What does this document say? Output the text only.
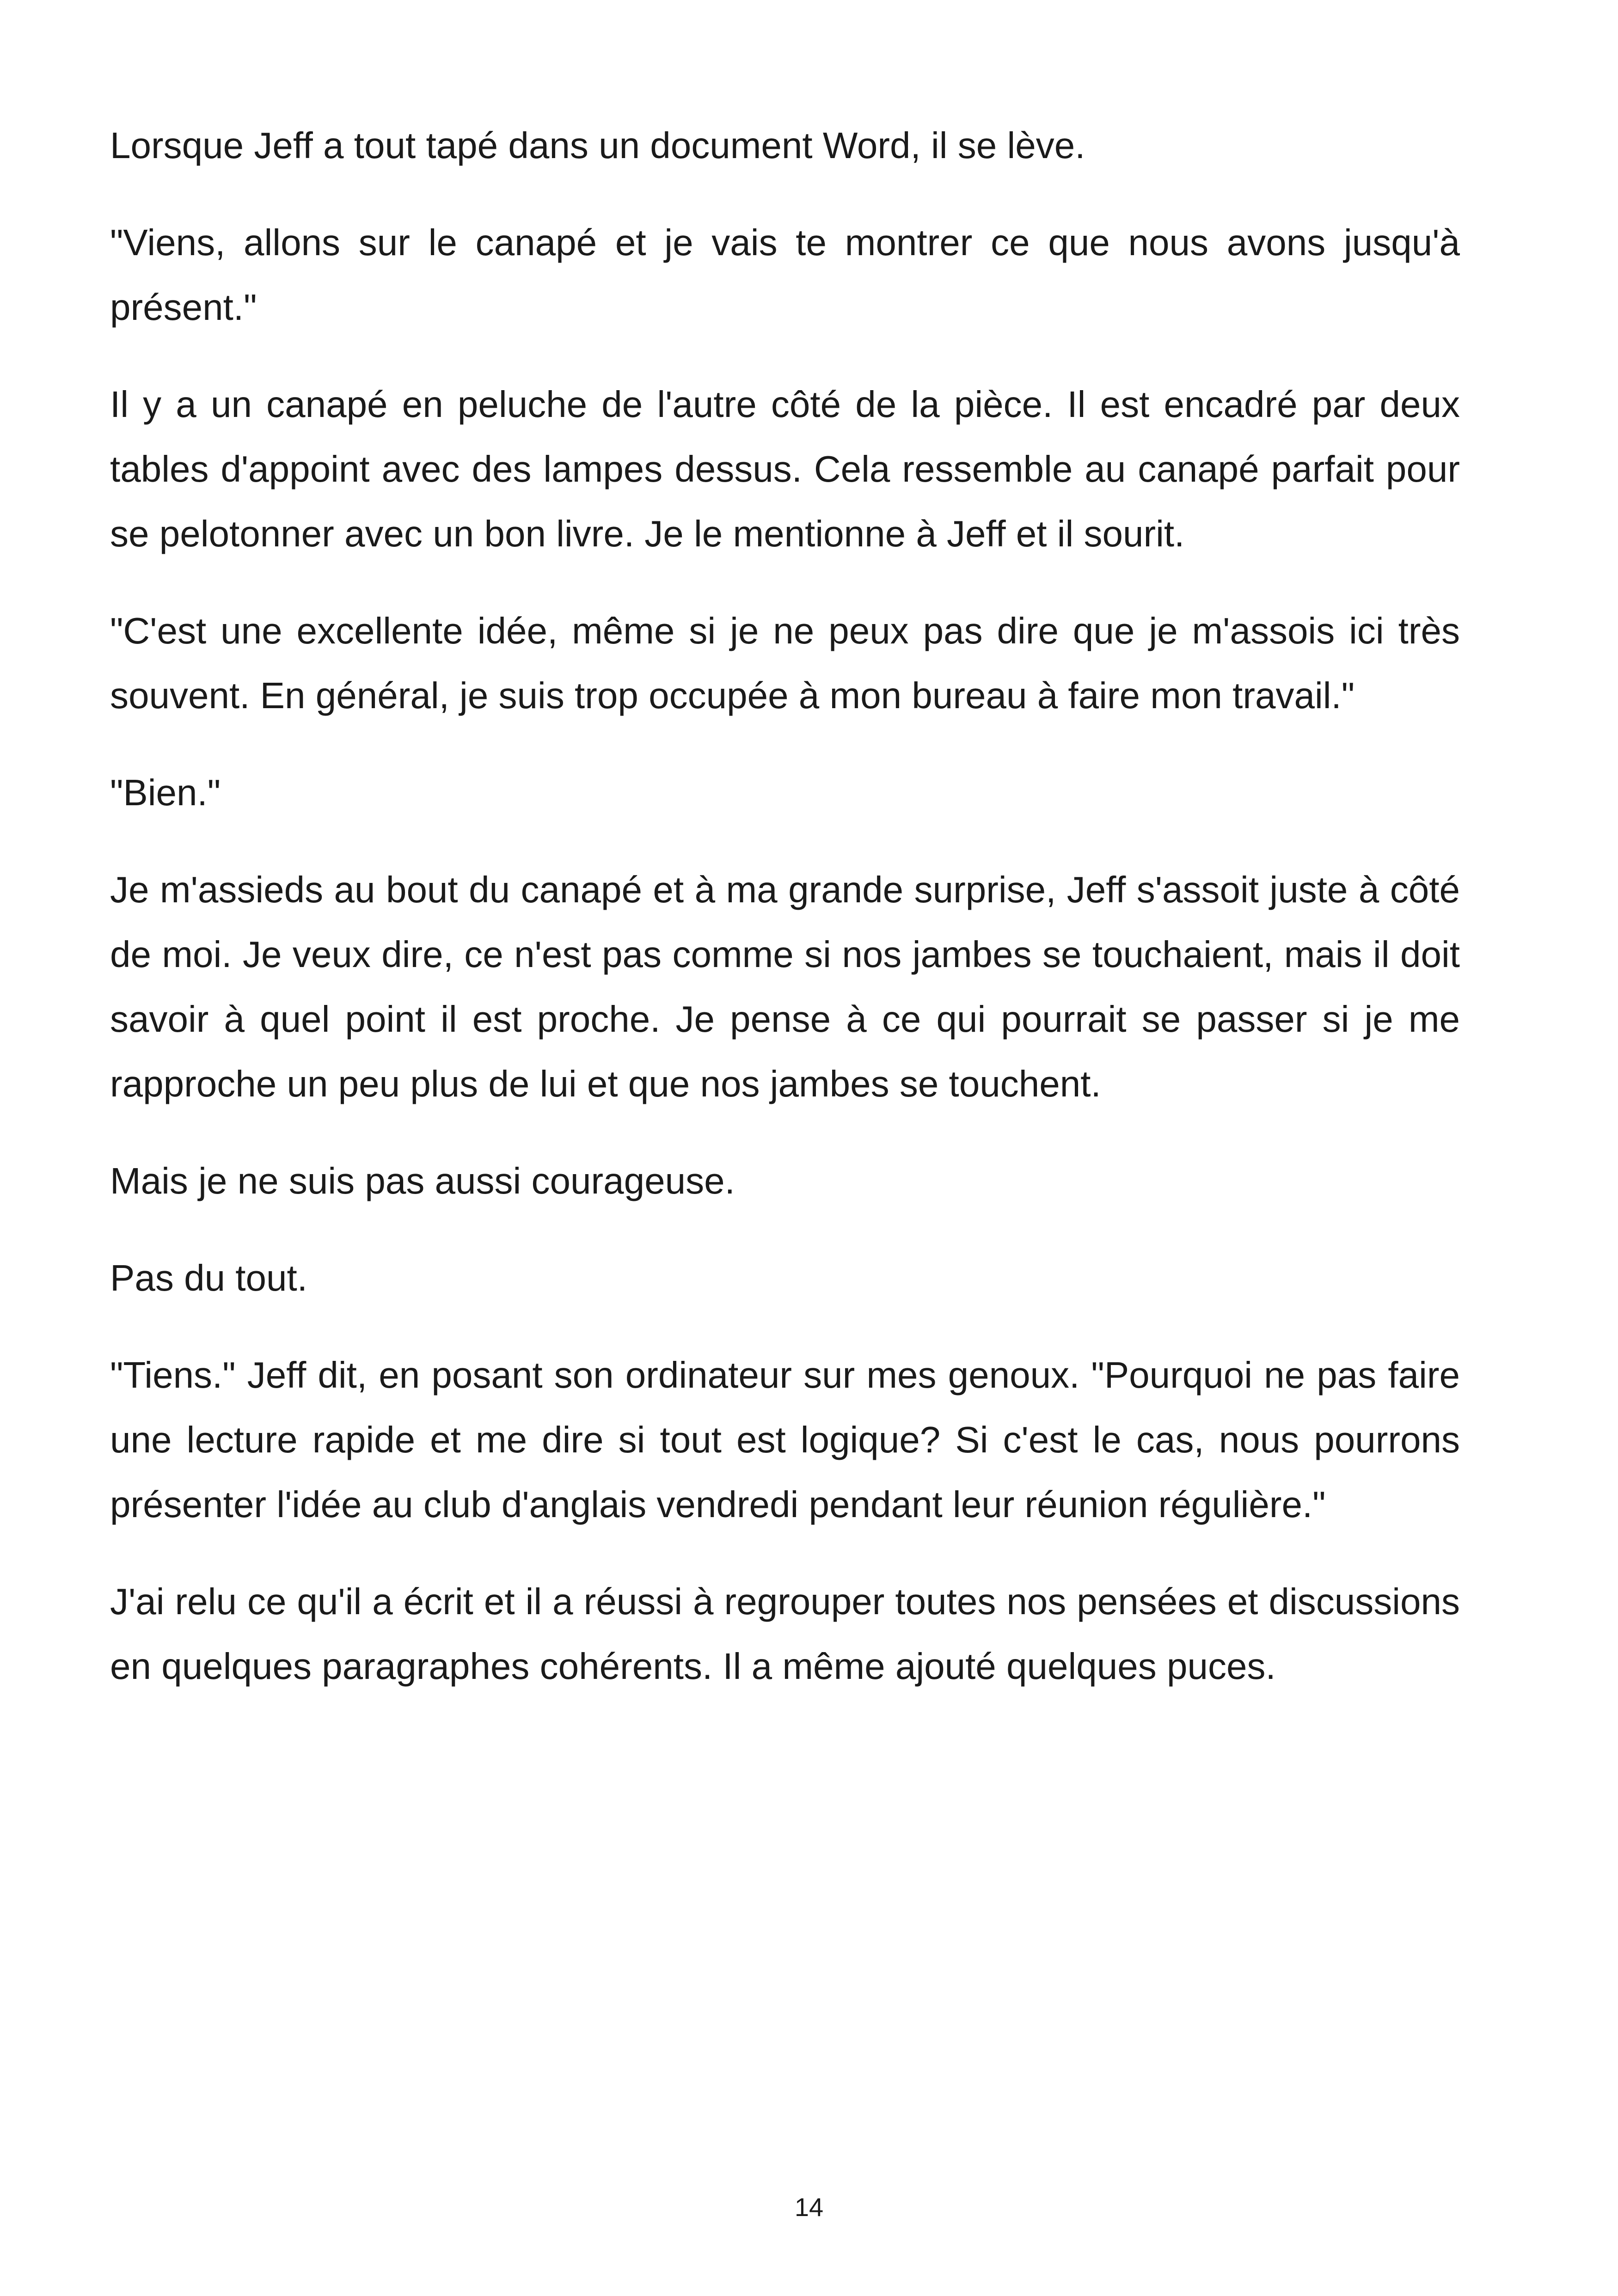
Lorsque Jeff a tout tapé dans un document Word, il se lève.

"Viens, allons sur le canapé et je vais te montrer ce que nous avons jusqu'à présent."

Il y a un canapé en peluche de l'autre côté de la pièce. Il est encadré par deux tables d'appoint avec des lampes dessus. Cela ressemble au canapé parfait pour se pelotonner avec un bon livre. Je le mentionne à Jeff et il sourit.

"C'est une excellente idée, même si je ne peux pas dire que je m'assois ici très souvent. En général, je suis trop occupée à mon bureau à faire mon travail."

"Bien."

Je m'assieds au bout du canapé et à ma grande surprise, Jeff s'assoit juste à côté de moi. Je veux dire, ce n'est pas comme si nos jambes se touchaient, mais il doit savoir à quel point il est proche. Je pense à ce qui pourrait se passer si je me rapproche un peu plus de lui et que nos jambes se touchent.

Mais je ne suis pas aussi courageuse.

Pas du tout.

"Tiens." Jeff dit, en posant son ordinateur sur mes genoux. "Pourquoi ne pas faire une lecture rapide et me dire si tout est logique? Si c'est le cas, nous pourrons présenter l'idée au club d'anglais vendredi pendant leur réunion régulière."

J'ai relu ce qu'il a écrit et il a réussi à regrouper toutes nos pensées et discussions en quelques paragraphes cohérents. Il a même ajouté quelques puces.

14
